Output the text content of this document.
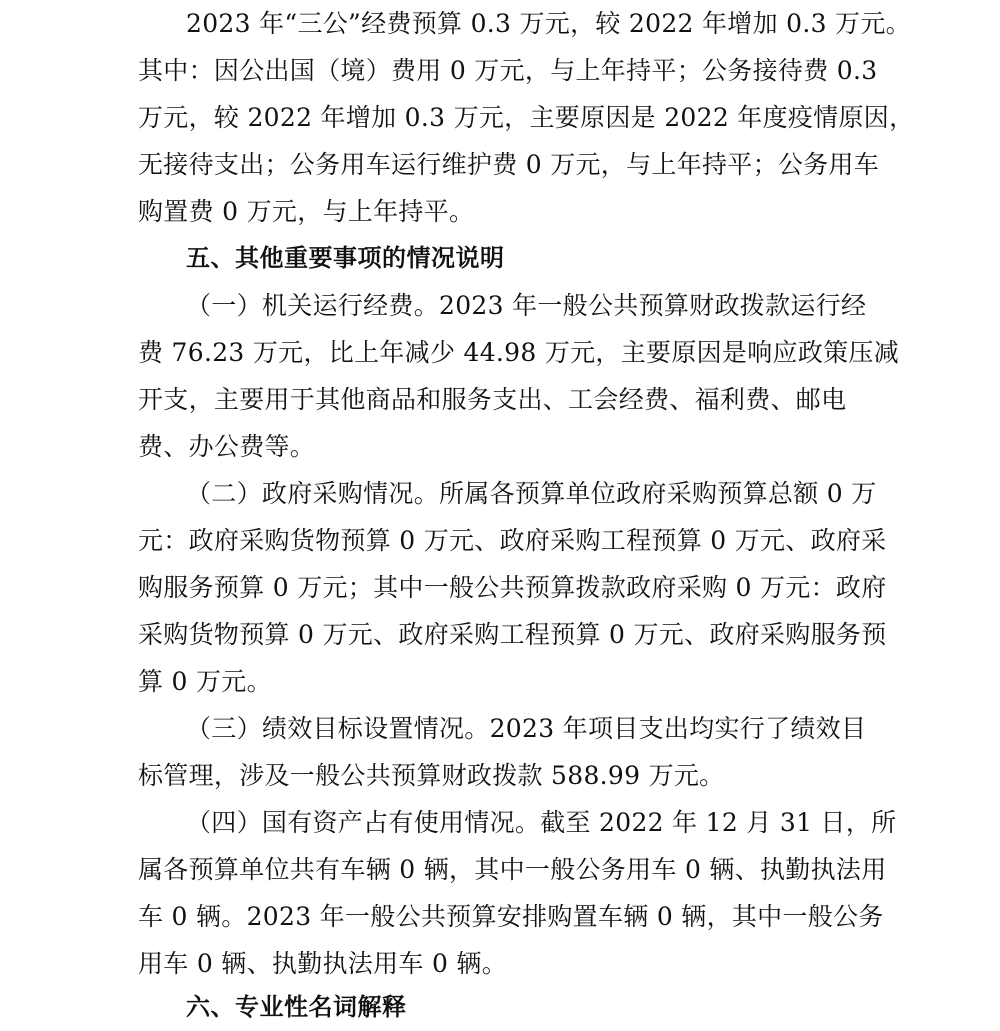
2023 年“三公”经费预算 0.3 万元，较 2022 年增加 0.3 万元。
其中：因公出国（境）费用 0 万元，与上年持平；公务接待费 0.3
万元，较 2022 年增加 0.3 万元，主要原因是 2022 年度疫情原因，
无接待支出；公务用车运行维护费 0 万元，与上年持平；公务用车
购置费 0 万元，与上年持平。
五、其他重要事项的情况说明
（一）机关运行经费。2023 年一般公共预算财政拨款运行经
费 76.23 万元，比上年减少 44.98 万元，主要原因是响应政策压减
开支，主要用于其他商品和服务支出、工会经费、福利费、邮电
费、办公费等。
（二）政府采购情况。所属各预算单位政府采购预算总额 0 万
元：政府采购货物预算 0 万元、政府采购工程预算 0 万元、政府采
购服务预算 0 万元；其中一般公共预算拨款政府采购 0 万元：政府
采购货物预算 0 万元、政府采购工程预算 0 万元、政府采购服务预
算 0 万元。
（三）绩效目标设置情况。2023 年项目支出均实行了绩效目
标管理，涉及一般公共预算财政拨款 588.99 万元。
（四）国有资产占有使用情况。截至 2022 年 12 月 31 日，所
属各预算单位共有车辆 0 辆，其中一般公务用车 0 辆、执勤执法用
车 0 辆。2023 年一般公共预算安排购置车辆 0 辆，其中一般公务
用车 0 辆、执勤执法用车 0 辆。
六、专业性名词解释
